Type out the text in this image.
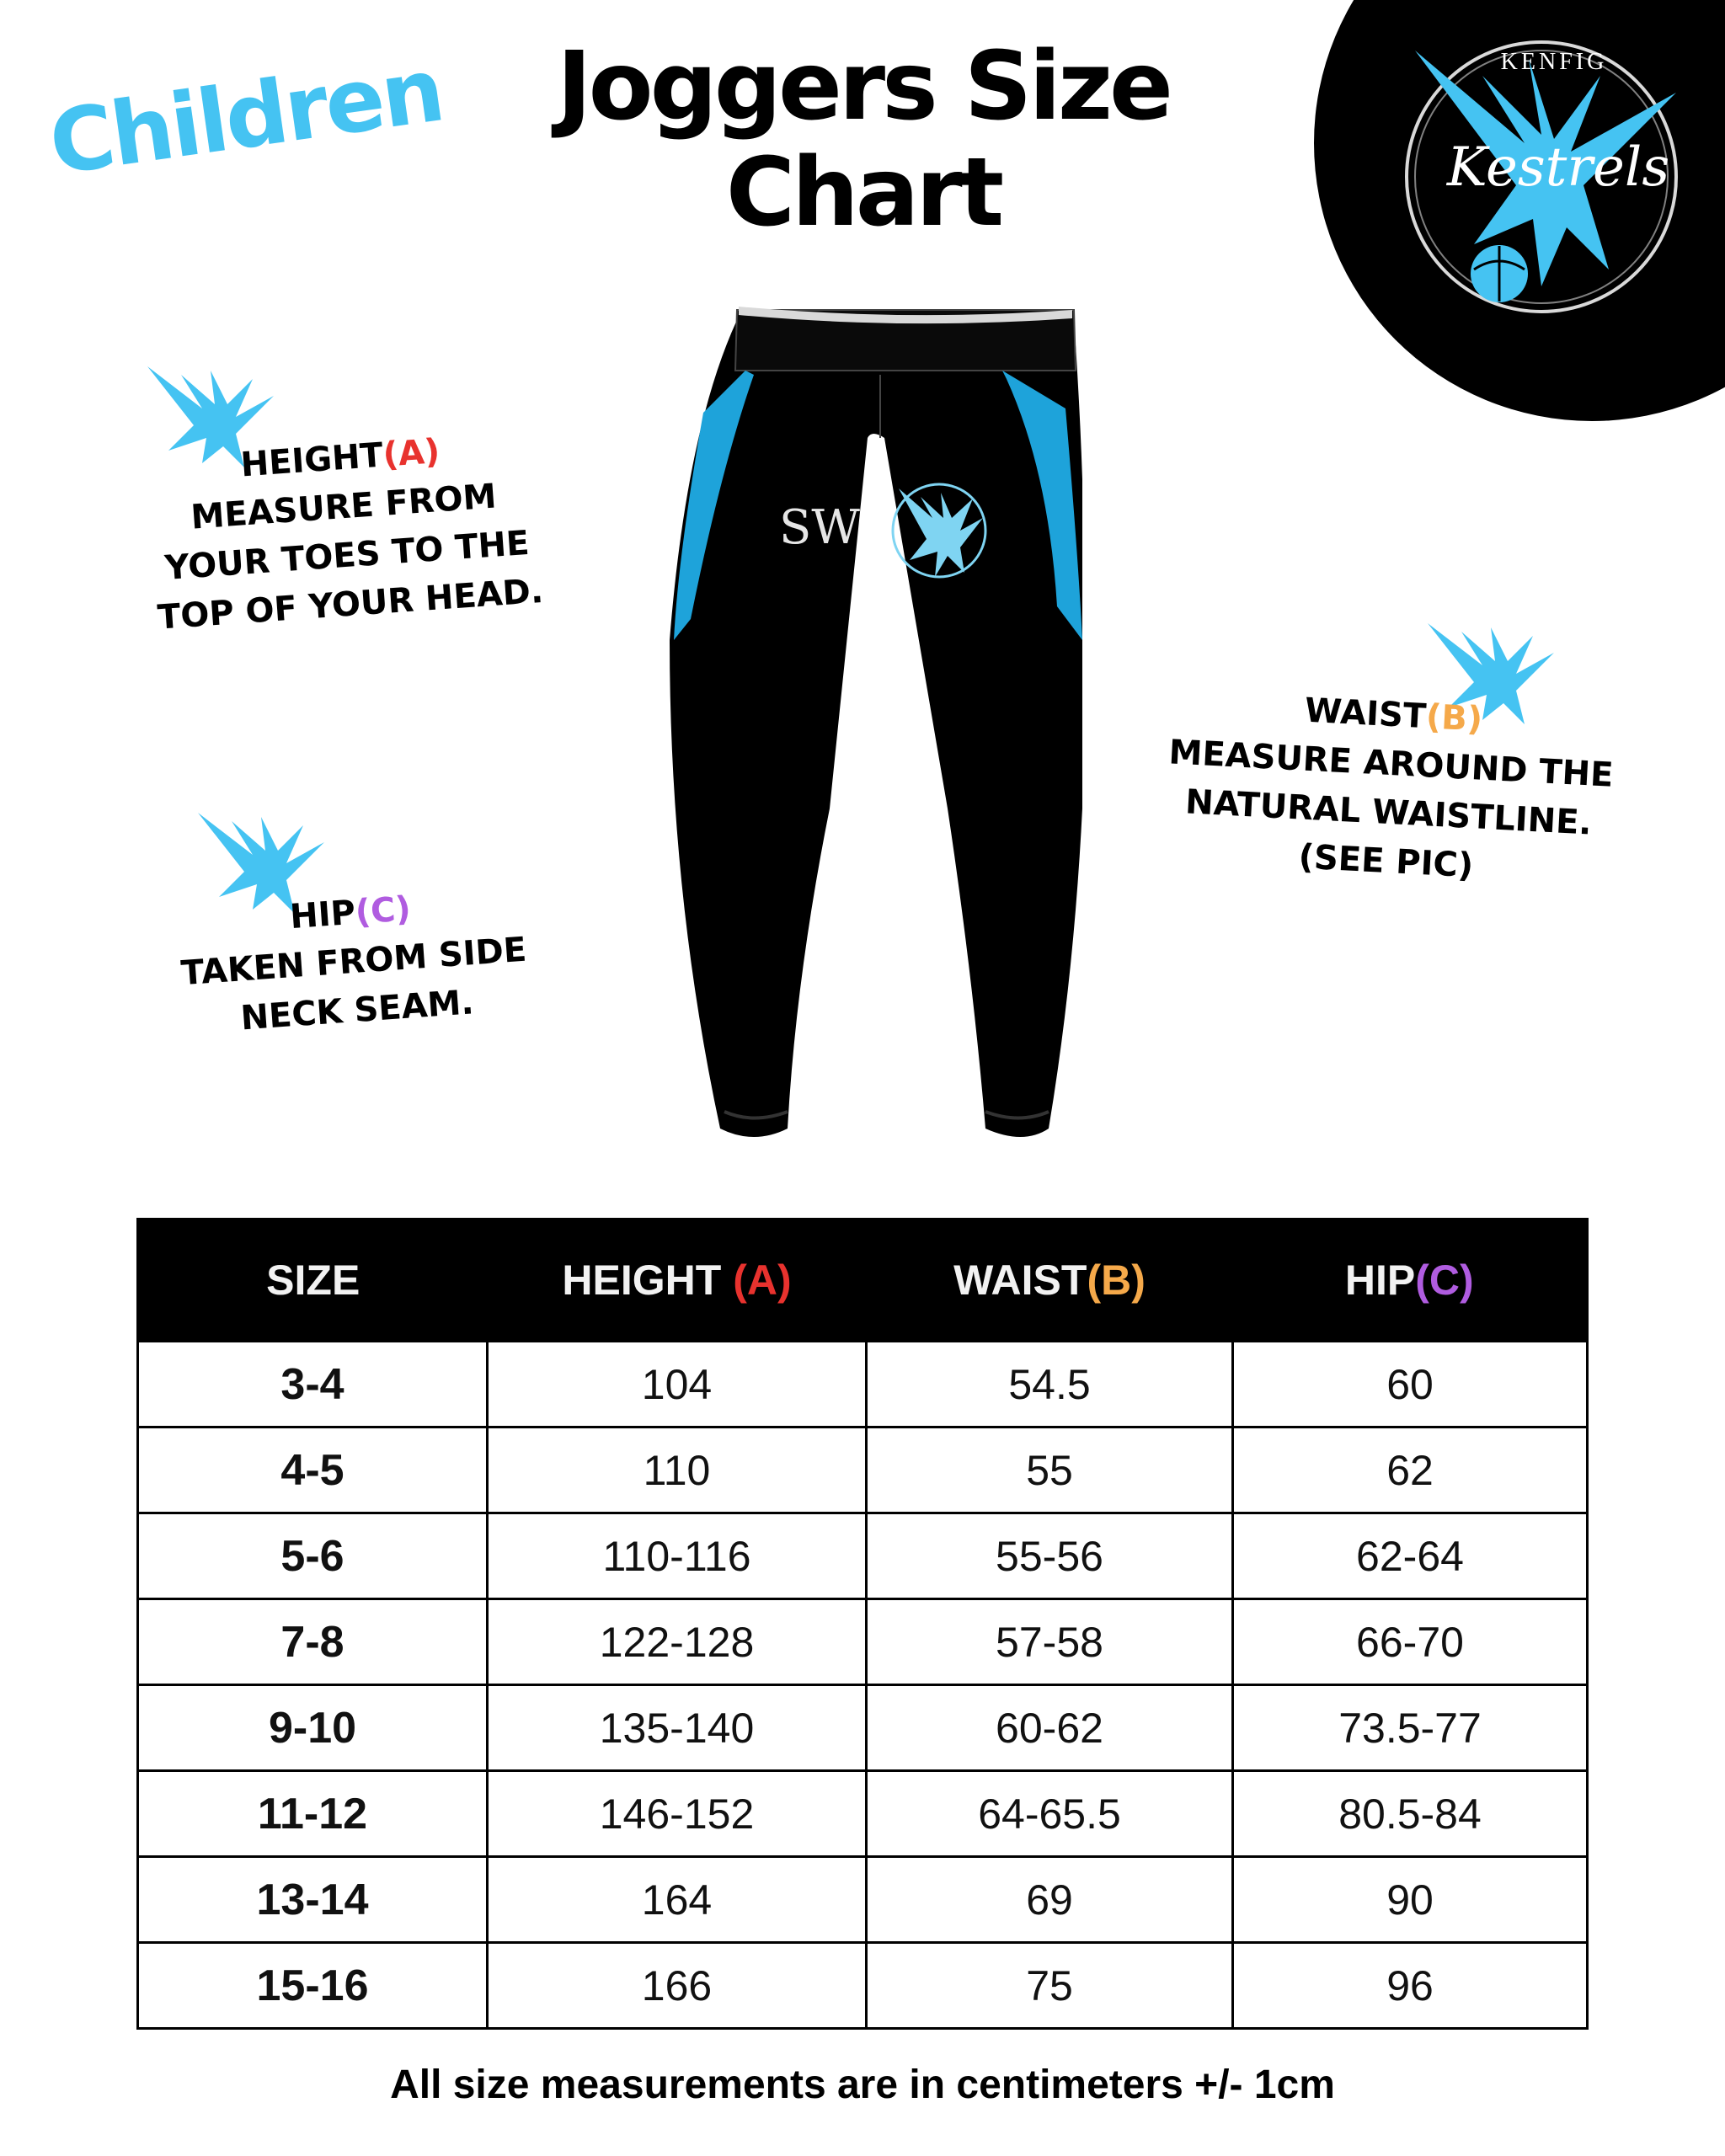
Children	Joggers Size
Chart
KENFIG
Kestrels
HEIGHT(A)
MEASURE FROM
YOUR TOES TO THE
TOP OF YOUR HEAD.
HIP(C)
TAKEN FROM SIDE
NECK SEAM.
WAIST(B)
MEASURE AROUND THE
NATURAL WAISTLINE.
(SEE PIC)
SW
SIZE	HEIGHT (A)	WAIST(B)	HIP(C)
3-4	104	54.5	60
4-5	110	55	62
5-6	110-116	55-56	62-64
7-8	122-128	57-58	66-70
9-10	135-140	60-62	73.5-77
11-12	146-152	64-65.5	80.5-84
13-14	164	69	90
15-16	166	75	96
All size measurements are in centimeters +/- 1cm
